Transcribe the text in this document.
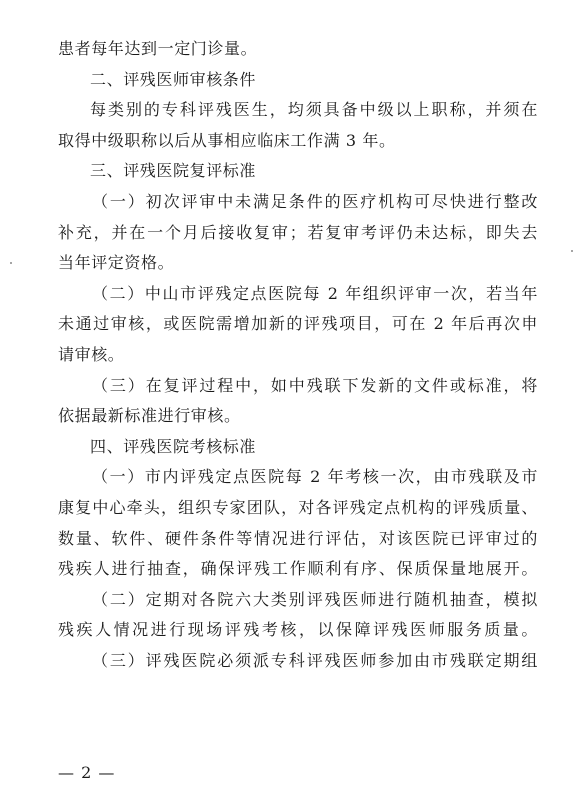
患者每年达到一定门诊量。
二、评残医师审核条件
每类别的专科评残医生，均须具备中级以上职称，并须在
取得中级职称以后从事相应临床工作满 3 年。
三、评残医院复评标准
（一）初次评审中未满足条件的医疗机构可尽快进行整改
补充，并在一个月后接收复审；若复审考评仍未达标，即失去
当年评定资格。
（二）中山市评残定点医院每 2 年组织评审一次，若当年
未通过审核，或医院需增加新的评残项目，可在 2 年后再次申
请审核。
（三）在复评过程中，如中残联下发新的文件或标准，将
依据最新标准进行审核。
四、评残医院考核标准
（一）市内评残定点医院每 2 年考核一次，由市残联及市
康复中心牵头，组织专家团队，对各评残定点机构的评残质量、
数量、软件、硬件条件等情况进行评估，对该医院已评审过的
残疾人进行抽查，确保评残工作顺利有序、保质保量地展开。
（二）定期对各院六大类别评残医师进行随机抽查，模拟
残疾人情况进行现场评残考核，以保障评残医师服务质量。
（三）评残医院必须派专科评残医师参加由市残联定期组
— 2 —
